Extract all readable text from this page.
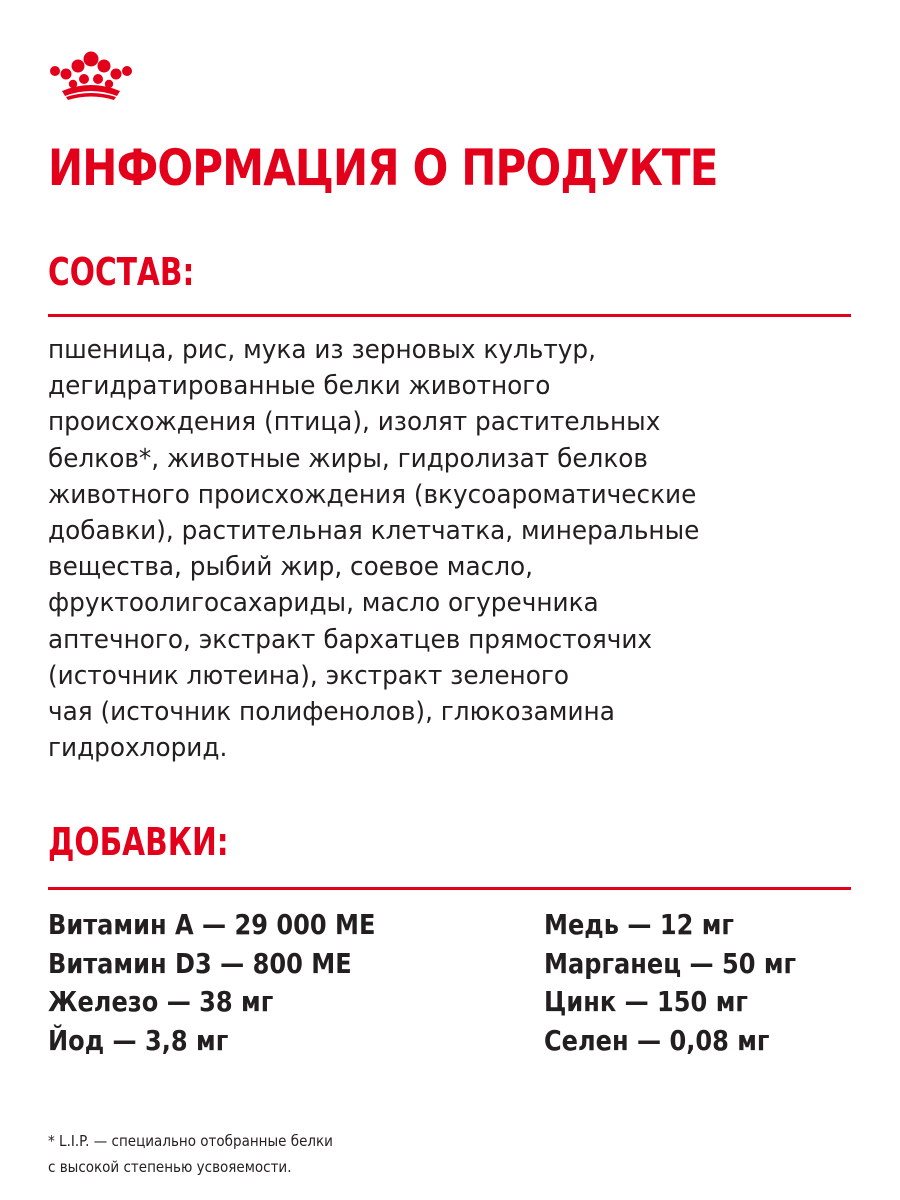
ИНФОРМАЦИЯ О ПРОДУКТЕ
СОСТАВ:
пшеница, рис, мука из зерновых культур,
дегидратированные белки животного
происхождения (птица), изолят растительных
белков*, животные жиры, гидролизат белков
животного происхождения (вкусоароматические
добавки), растительная клетчатка, минеральные
вещества, рыбий жир, соевое масло,
фруктоолигосахариды, масло огуречника
аптечного, экстракт бархатцев прямостоячих
(источник лютеина), экстракт зеленого
чая (источник полифенолов), глюкозамина
гидрохлорид.
ДОБАВКИ:
Витамин А — 29 000 МЕ
Витамин D3 — 800 МЕ
Железо — 38 мг
Йод — 3,8 мг
Медь — 12 мг
Марганец — 50 мг
Цинк — 150 мг
Селен — 0,08 мг
* L.I.P. — специально отобранные белки
с высокой степенью усвояемости.
